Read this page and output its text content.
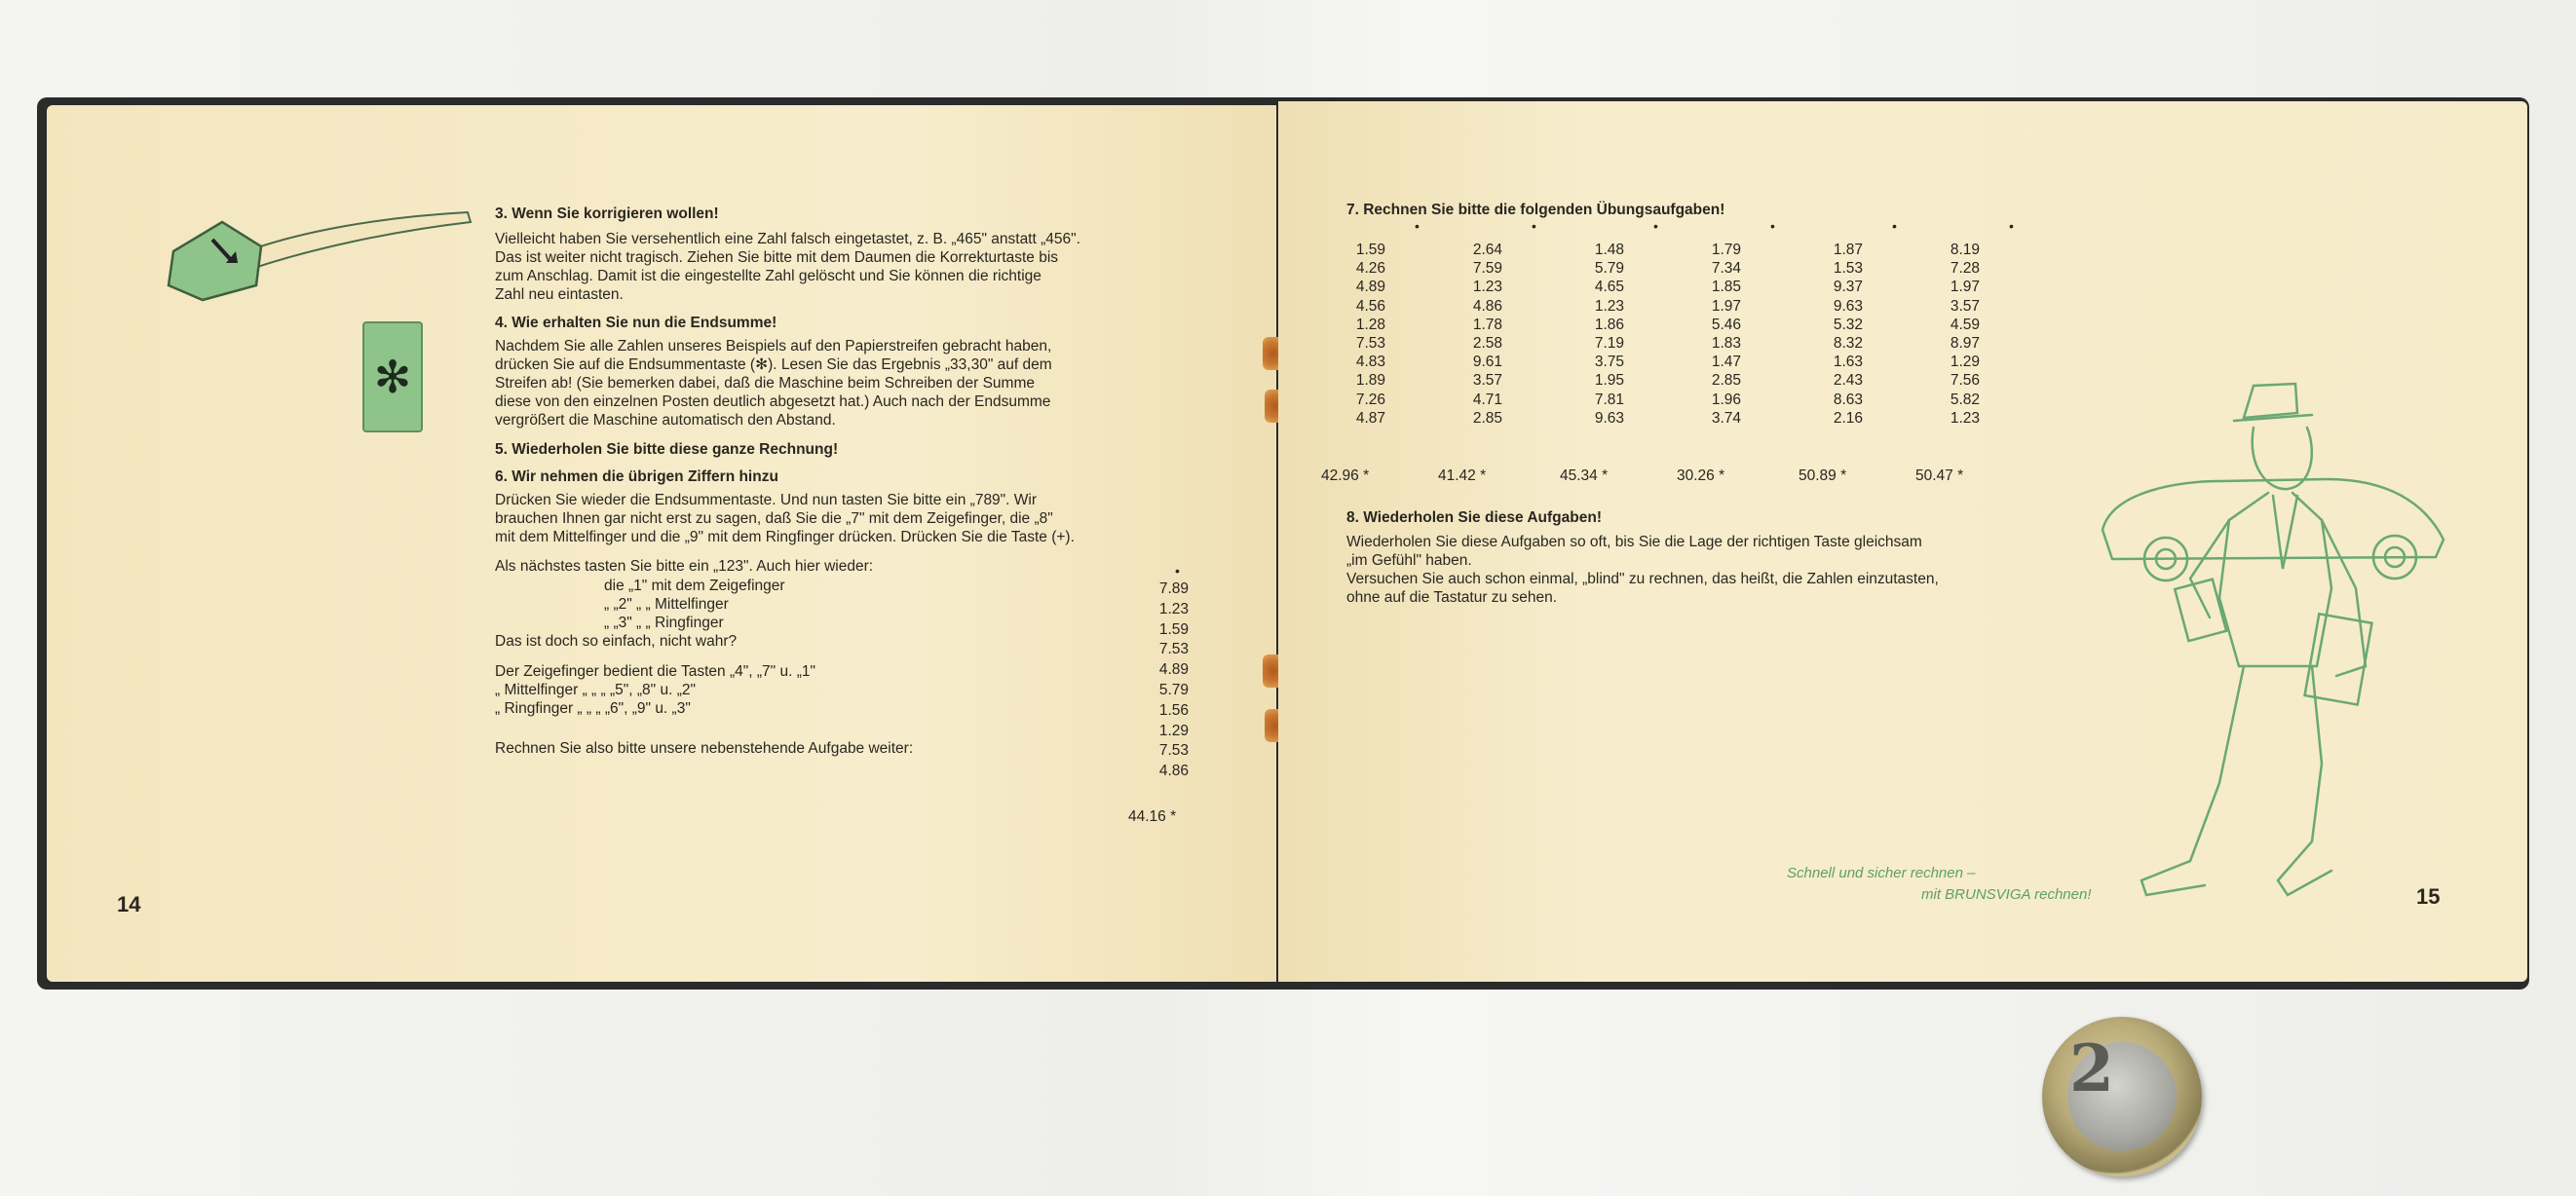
✻
3. Wenn Sie korrigieren wollen!
Vielleicht haben Sie versehentlich eine Zahl falsch eingetastet, z. B. „465" anstatt „456".
Das ist weiter nicht tragisch. Ziehen Sie bitte mit dem Daumen die Korrekturtaste bis
zum Anschlag. Damit ist die eingestellte Zahl gelöscht und Sie können die richtige
Zahl neu eintasten.
4. Wie erhalten Sie nun die Endsumme!
Nachdem Sie alle Zahlen unseres Beispiels auf den Papierstreifen gebracht haben,
drücken Sie auf die Endsummentaste (✻). Lesen Sie das Ergebnis „33,30" auf dem
Streifen ab! (Sie bemerken dabei, daß die Maschine beim Schreiben der Summe
diese von den einzelnen Posten deutlich abgesetzt hat.) Auch nach der Endsumme
vergrößert die Maschine automatisch den Abstand.
5. Wiederholen Sie bitte diese ganze Rechnung!
6. Wir nehmen die übrigen Ziffern hinzu
Drücken Sie wieder die Endsummentaste. Und nun tasten Sie bitte ein „789". Wir
brauchen Ihnen gar nicht erst zu sagen, daß Sie die „7" mit dem Zeigefinger, die „8"
mit dem Mittelfinger und die „9" mit dem Ringfinger drücken. Drücken Sie die Taste (+).
Als nächstes tasten Sie bitte ein „123". Auch hier wieder:
die „1" mit dem Zeigefinger
„ „2" „ „ Mittelfinger
„ „3" „ „ Ringfinger
Das ist doch so einfach, nicht wahr?
Der Zeigefinger bedient die Tasten „4", „7" u. „1"
„ Mittelfinger „ „ „ „5", „8" u. „2"
„ Ringfinger „ „ „ „6", „9" u. „3"
Rechnen Sie also bitte unsere nebenstehende Aufgabe weiter:
•
7.89
1.23
1.59
7.53
4.89
5.79
1.56
1.29
7.53
4.86
44.16 *
14
7. Rechnen Sie bitte die folgenden Übungsaufgaben!
•
1.59
4.26
4.89
4.56
1.28
7.53
4.83
1.89
7.26
4.87
42.96 *
•
2.64
7.59
1.23
4.86
1.78
2.58
9.61
3.57
4.71
2.85
41.42 *
•
1.48
5.79
4.65
1.23
1.86
7.19
3.75
1.95
7.81
9.63
45.34 *
•
1.79
7.34
1.85
1.97
5.46
1.83
1.47
2.85
1.96
3.74
30.26 *
•
1.87
1.53
9.37
9.63
5.32
8.32
1.63
2.43
8.63
2.16
50.89 *
•
8.19
7.28
1.97
3.57
4.59
8.97
1.29
7.56
5.82
1.23
50.47 *
8. Wiederholen Sie diese Aufgaben!
Wiederholen Sie diese Aufgaben so oft, bis Sie die Lage der richtigen Taste gleichsam
„im Gefühl" haben.
Versuchen Sie auch schon einmal, „blind" zu rechnen, das heißt, die Zahlen einzutasten,
ohne auf die Tastatur zu sehen.
Schnell und sicher rechnen –
mit BRUNSVIGA rechnen!	15
2
